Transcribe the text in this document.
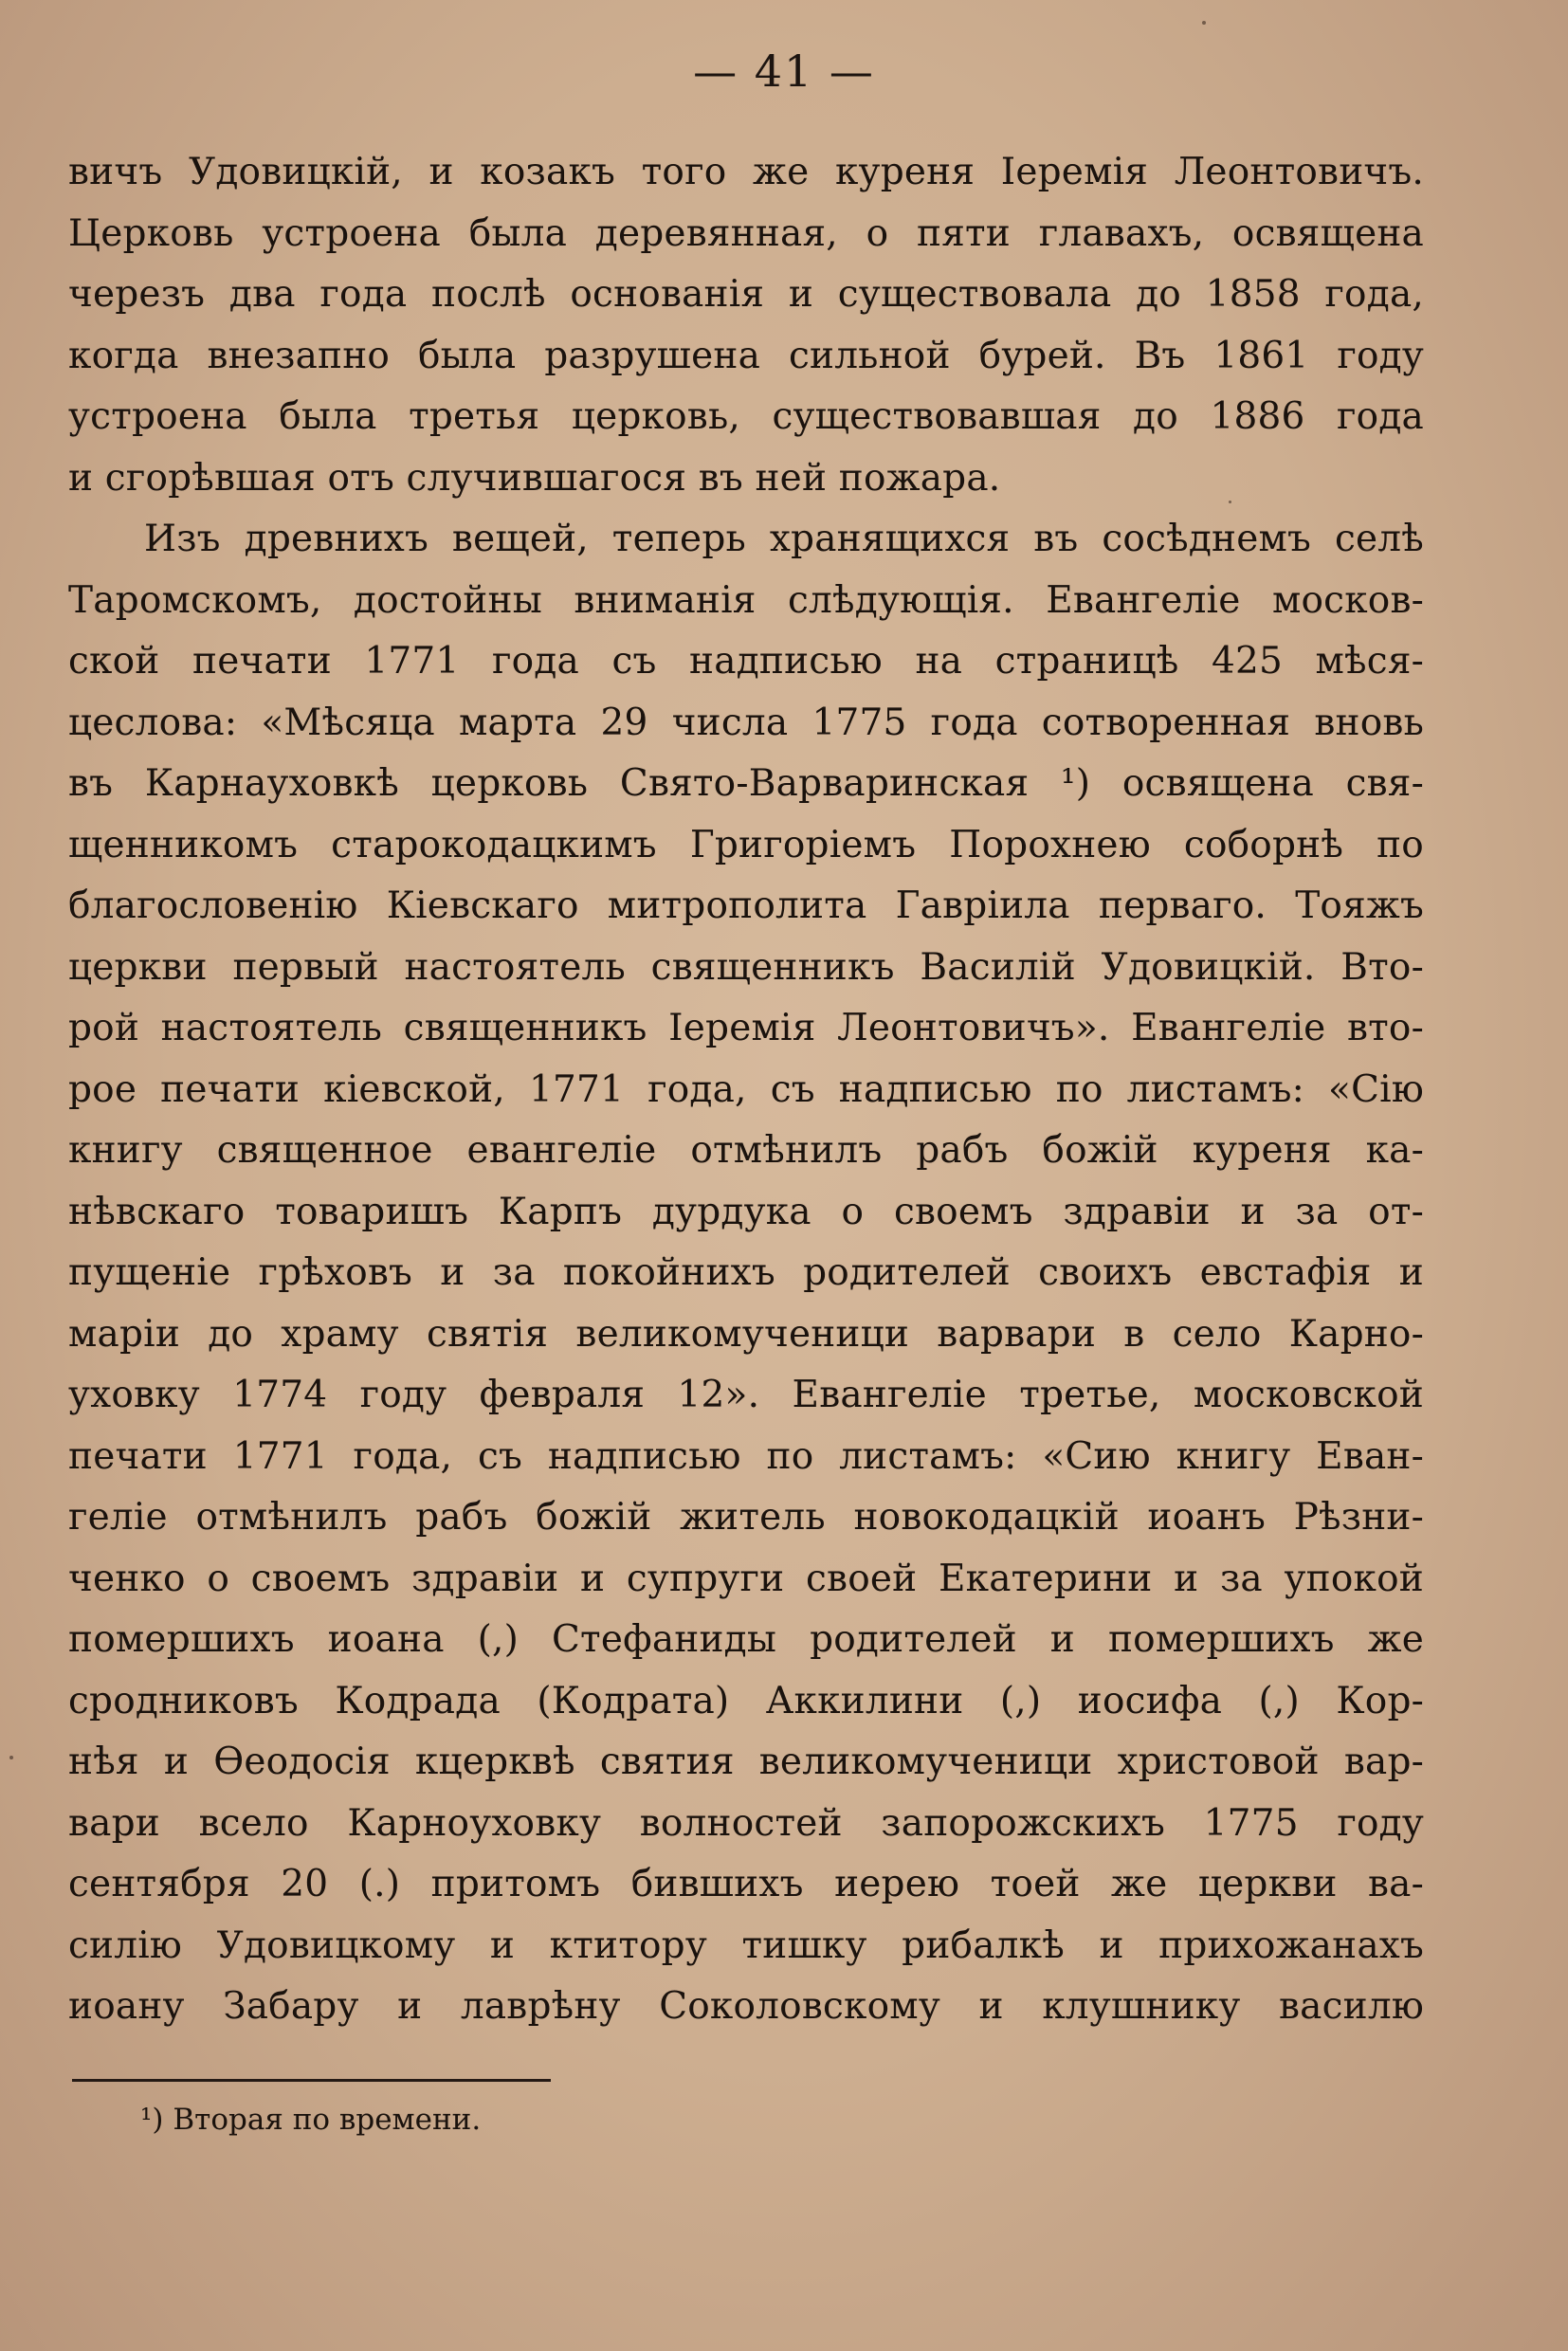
— 41 —
вичъ Удовицкій, и козакъ того же куреня Іеремія Леонтовичъ.
Церковь устроена была деревянная, о пяти главахъ, освящена
черезъ два года послѣ основанія и существовала до 1858 года,
когда внезапно была разрушена сильной бурей. Въ 1861 году
устроена была третья церковь, существовавшая до 1886 года
и сгорѣвшая отъ случившагося въ ней пожара.
Изъ древнихъ вещей, теперь хранящихся въ сосѣднемъ селѣ
Таромскомъ, достойны вниманія слѣдующія. Евангеліе москов-
ской печати 1771 года съ надписью на страницѣ 425 мѣся-
цеслова: «Мѣсяца марта 29 числа 1775 года сотворенная вновь
въ Карнауховкѣ церковь Свято-Варваринская ¹) освящена свя-
щенникомъ старокодацкимъ Григоріемъ Порохнею соборнѣ по
благословенію Кіевскаго митрополита Гавріила перваго. Тояжъ
церкви первый настоятель священникъ Василій Удовицкій. Вто-
рой настоятель священникъ Іеремія Леонтовичъ». Евангеліе вто-
рое печати кіевской, 1771 года, съ надписью по листамъ: «Сію
книгу священное евангеліе отмѣнилъ рабъ божій куреня ка-
нѣвскаго товаришъ Карпъ дурдука о своемъ здравіи и за от-
пущеніе грѣховъ и за покойнихъ родителей своихъ евстафія и
маріи до храму святія великомученици варвари в село Карно-
уховку 1774 году февраля 12». Евангеліе третье, московской
печати 1771 года, съ надписью по листамъ: «Сию книгу Еван-
геліе отмѣнилъ рабъ божій житель новокодацкій иоанъ Рѣзни-
ченко о своемъ здравіи и супруги своей Екатерини и за упокой
помершихъ иоана (,) Стефаниды родителей и помершихъ же
сродниковъ Кодрада (Кодрата) Аккилини (,) иосифа (,) Кор-
нѣя и Өеодосія кцерквѣ святия великомученици христовой вар-
вари всело Карноуховку волностей запорожскихъ 1775 году
сентября 20 (.) притомъ бившихъ иерею тоей же церкви ва-
силію Удовицкому и ктитору тишку рибалкѣ и прихожанахъ
иоану Забару и лаврѣну Соколовскому и клушнику василю
¹) Вторая по времени.
